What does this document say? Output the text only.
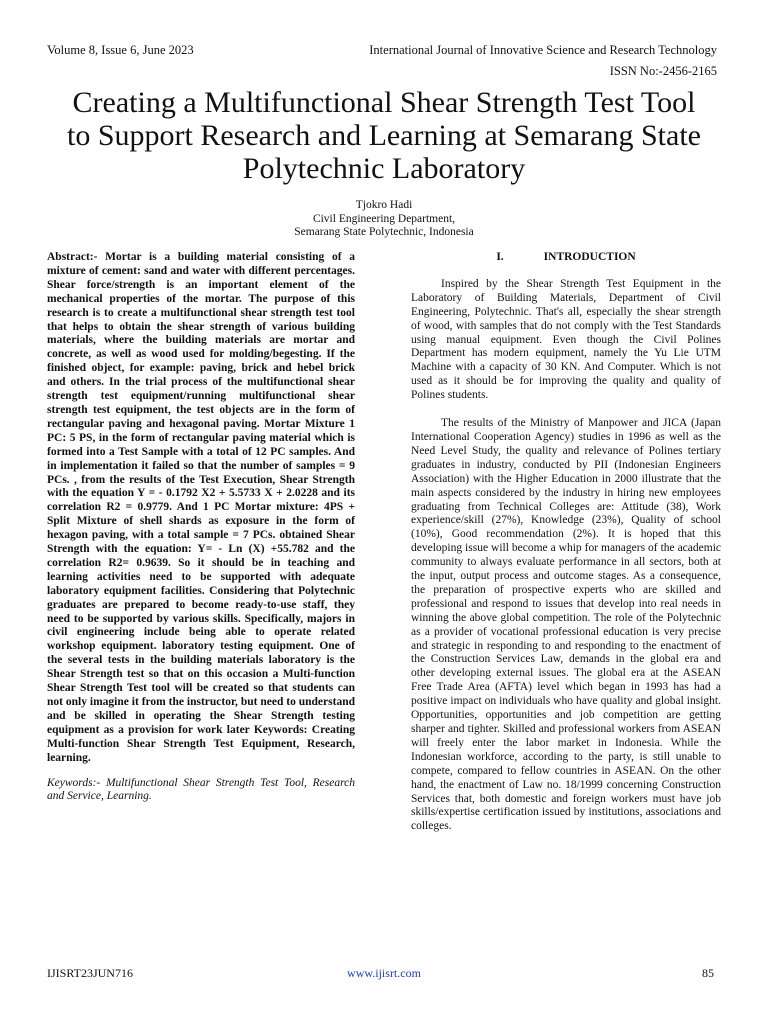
Volume 8, Issue 6, June 2023	International Journal of Innovative Science and Research Technology
ISSN No:-2456-2165
Creating a Multifunctional Shear Strength Test Tool to Support Research and Learning at Semarang State Polytechnic Laboratory
Tjokro Hadi
Civil Engineering Department,
Semarang State Polytechnic, Indonesia

Abstract:- Mortar is a building material consisting of a mixture of cement: sand and water with different percentages. Shear force/strength is an important element of the mechanical properties of the mortar. The purpose of this research is to create a multifunctional shear strength test tool that helps to obtain the shear strength of various building materials, where the building materials are mortar and concrete, as well as wood used for molding/begesting. If the finished object, for example: paving, brick and hebel brick and others. In the trial process of the multifunctional shear strength test equipment/running multifunctional shear strength test equipment, the test objects are in the form of rectangular paving and hexagonal paving. Mortar Mixture 1 PC: 5 PS, in the form of rectangular paving material which is formed into a Test Sample with a total of 12 PC samples. And in implementation it failed so that the number of samples = 9 PCs. , from the results of the Test Execution, Shear Strength with the equation Y = - 0.1792 X2 + 5.5733 X + 2.0228 and its correlation R2 = 0.9779. And 1 PC Mortar mixture: 4PS + Split Mixture of shell shards as exposure in the form of hexagon paving, with a total sample = 7 PCs. obtained Shear Strength with the equation: Y= - Ln (X) +55.782 and the correlation R2= 0.9639. So it should be in teaching and learning activities need to be supported with adequate laboratory equipment facilities. Considering that Polytechnic graduates are prepared to become ready-to-use staff, they need to be supported by various skills. Specifically, majors in civil engineering include being able to operate related workshop equipment. laboratory testing equipment. One of the several tests in the building materials laboratory is the Shear Strength test so that on this occasion a Multi-function Shear Strength Test tool will be created so that students can not only imagine it from the instructor, but need to understand and be skilled in operating the Shear Strength testing equipment as a provision for work later Keywords: Creating Multi-function Shear Strength Test Equipment, Research, learning.

Keywords:- Multifunctional Shear Strength Test Tool, Research and Service, Learning.

I.	INTRODUCTION

Inspired by the Shear Strength Test Equipment in the Laboratory of Building Materials, Department of Civil Engineering, Polytechnic. That's all, especially the shear strength of wood, with samples that do not comply with the Test Standards using manual equipment. Even though the Civil Polines Department has modern equipment, namely the Yu Lie UTM Machine with a capacity of 30 KN. And Computer. Which is not used as it should be for improving the quality and quality of Polines students.

The results of the Ministry of Manpower and JICA (Japan International Cooperation Agency) studies in 1996 as well as the Need Level Study, the quality and relevance of Polines tertiary graduates in industry, conducted by PII (Indonesian Engineers Association) with the Higher Education in 2000 illustrate that the main aspects considered by the industry in hiring new employees graduating from Technical Colleges are: Attitude (38), Work experience/skill (27%), Knowledge (23%), Quality of school (10%), Good recommendation (2%). It is hoped that this developing issue will become a whip for managers of the academic community to always evaluate performance in all sectors, both at the input, output process and outcome stages. As a consequence, the preparation of prospective experts who are skilled and professional and respond to issues that develop into real needs in winning the above global competition. The role of the Polytechnic as a provider of vocational professional education is very precise and strategic in responding to and responding to the enactment of the Construction Services Law, demands in the global era and other developing external issues. The global era at the ASEAN Free Trade Area (AFTA) level which began in 1993 has had a positive impact on individuals who have quality and global insight. Opportunities, opportunities and job competition are getting sharper and tighter. Skilled and professional workers from ASEAN will freely enter the labor market in Indonesia. While the Indonesian workforce, according to the party, is still unable to compete, compared to fellow countries in ASEAN. On the other hand, the enactment of Law no. 18/1999 concerning Construction Services that, both domestic and foreign workers must have job skills/expertise certification issued by institutions, associations and colleges.

IJISRT23JUN716	www.ijisrt.com	85
